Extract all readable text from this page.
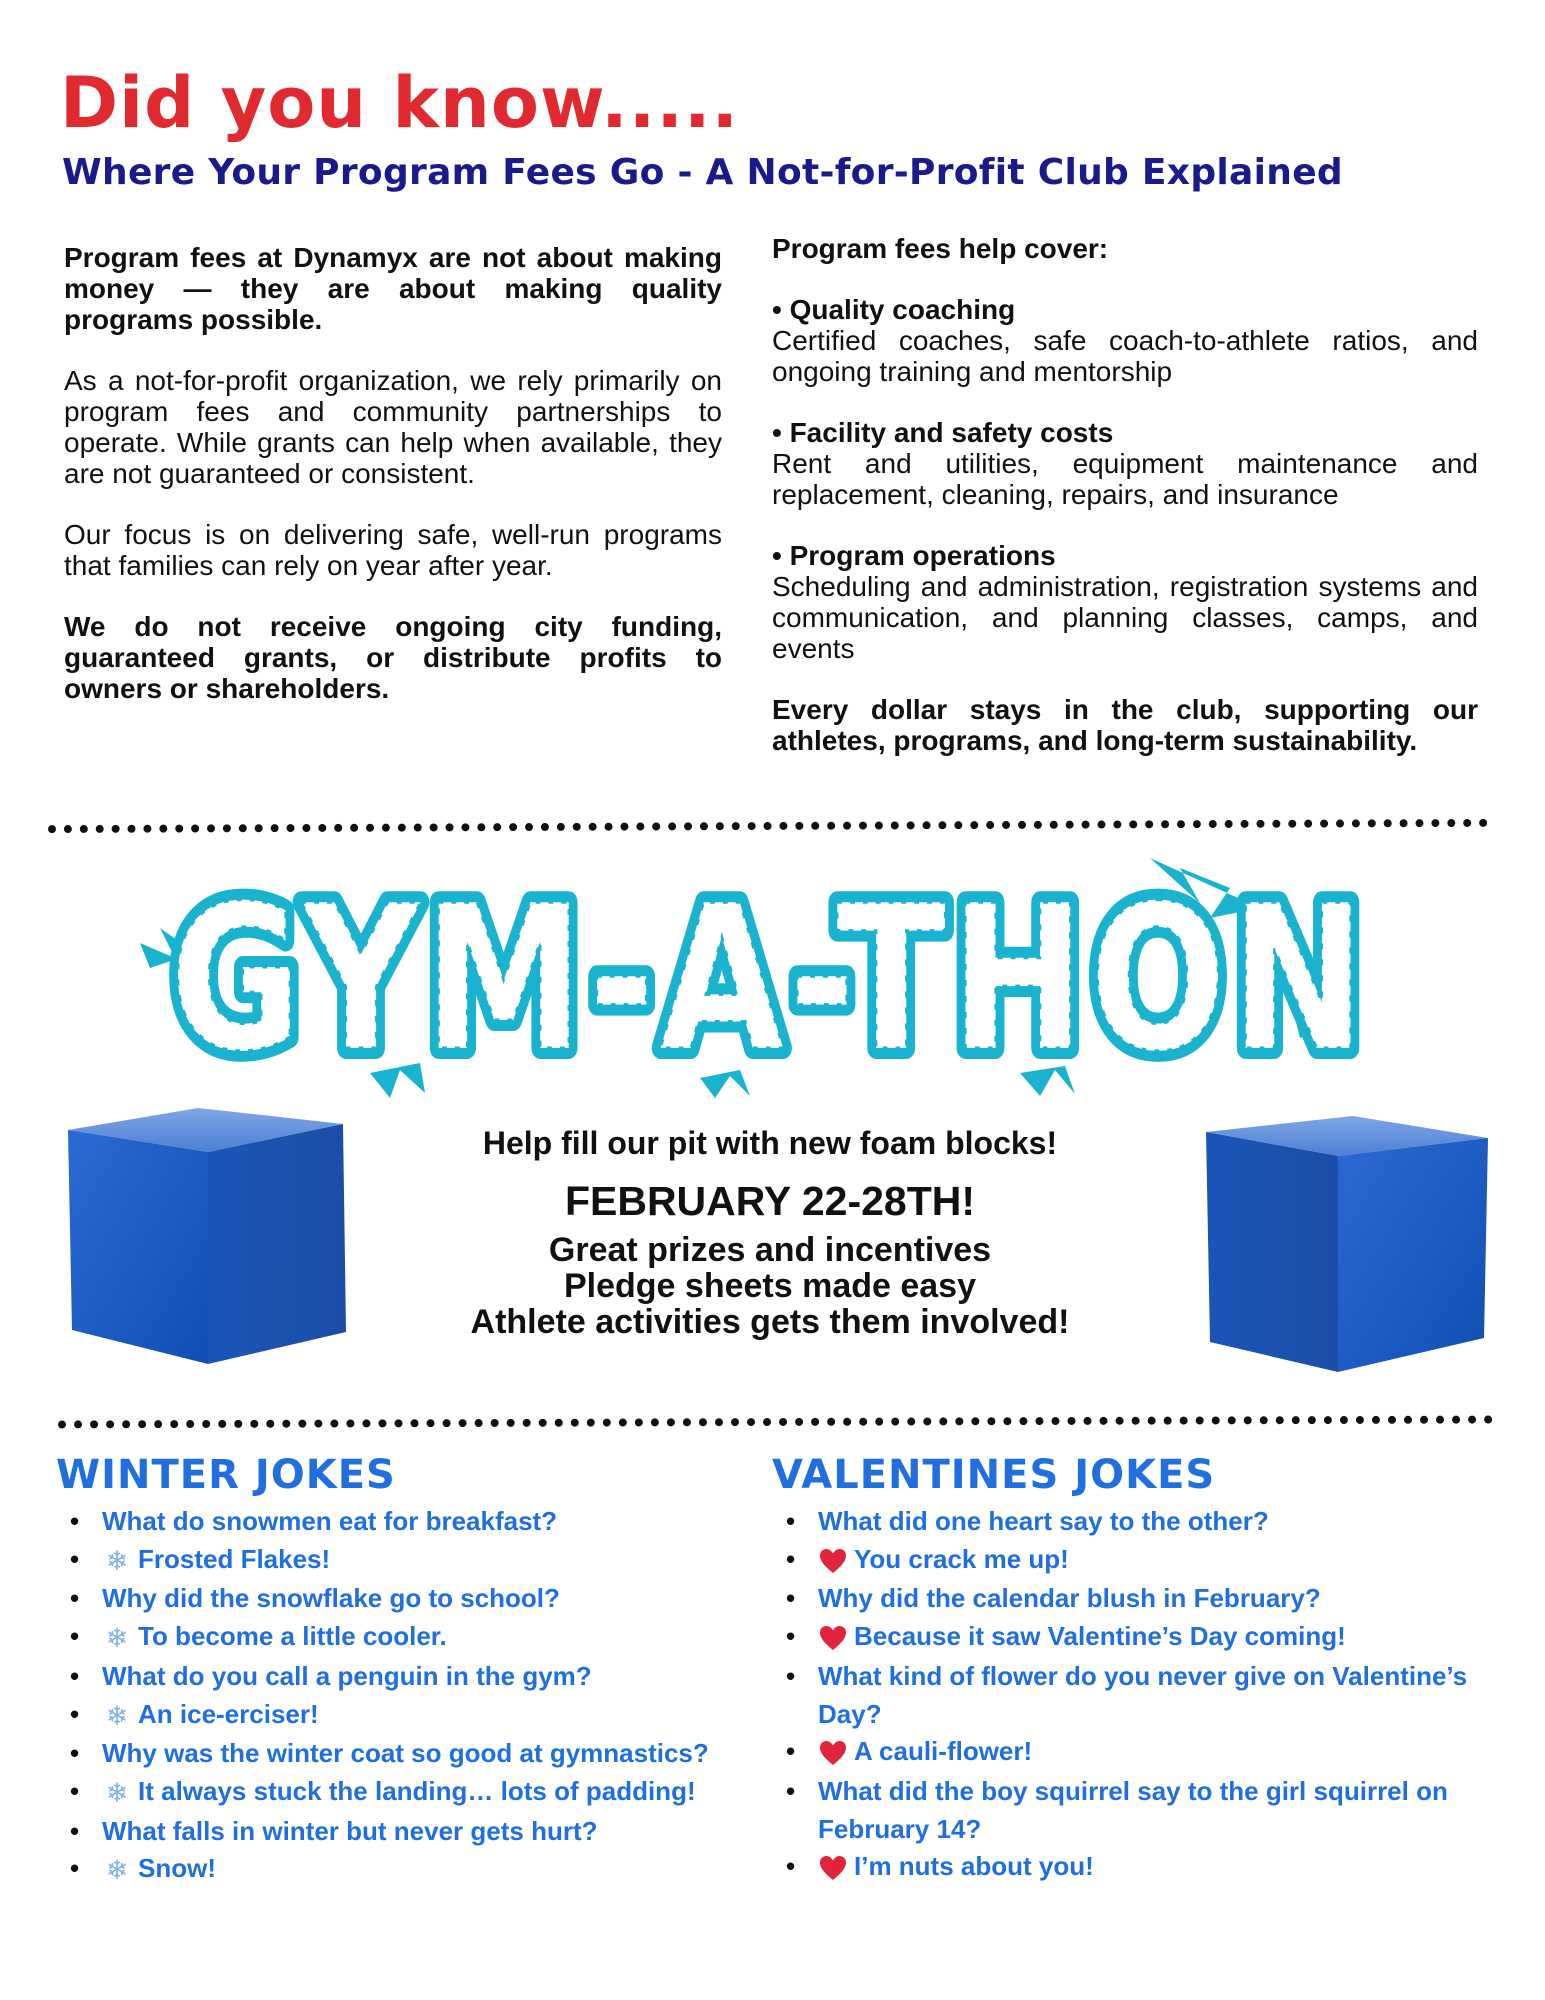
Did you know.....
Where Your Program Fees Go - A Not-for-Profit Club Explained

Program fees at Dynamyx are not about making money — they are about making quality programs possible.

As a not-for-profit organization, we rely primarily on program fees and community partnerships to operate. While grants can help when available, they are not guaranteed or consistent.

Our focus is on delivering safe, well-run programs that families can rely on year after year.

We do not receive ongoing city funding, guaranteed grants, or distribute profits to owners or shareholders.

Program fees help cover:
• Quality coaching
Certified coaches, safe coach-to-athlete ratios, and ongoing training and mentorship
• Facility and safety costs
Rent and utilities, equipment maintenance and replacement, cleaning, repairs, and insurance
• Program operations
Scheduling and administration, registration systems and communication, and planning classes, camps, and events
Every dollar stays in the club, supporting our athletes, programs, and long-term sustainability.
GYM-A-THON
GYM-A-THON
Help fill our pit with new foam blocks!
FEBRUARY 22-28TH!
Great prizes and incentives
Pledge sheets made easy
Athlete activities gets them involved!
WINTER JOKES
• What do snowmen eat for breakfast?
• ❄ Frosted Flakes!
• Why did the snowflake go to school?
• ❄ To become a little cooler.
• What do you call a penguin in the gym?
• ❄ An ice-erciser!
• Why was the winter coat so good at gymnastics?
• ❄ It always stuck the landing… lots of padding!
• What falls in winter but never gets hurt?
• ❄ Snow!
VALENTINES JOKES
• What did one heart say to the other?
• You crack me up!
• Why did the calendar blush in February?
• Because it saw Valentine’s Day coming!
• What kind of flower do you never give on Valentine’s Day?
• A cauli-flower!
• What did the boy squirrel say to the girl squirrel on February 14?
• I’m nuts about you!
